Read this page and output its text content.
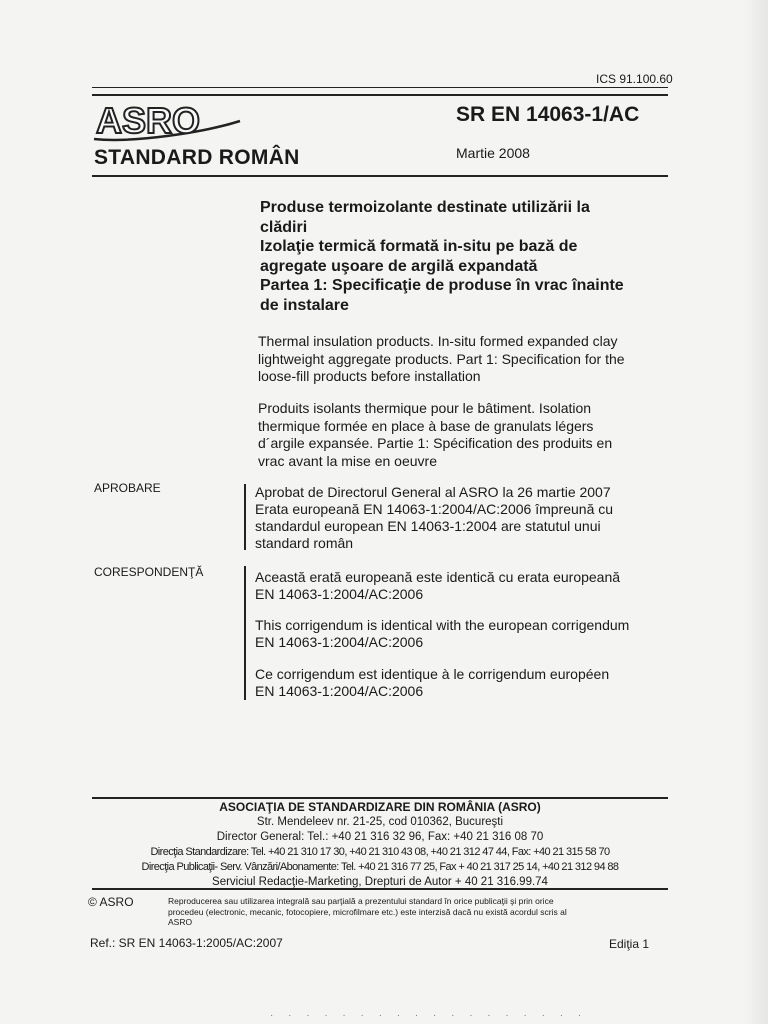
ICS 91.100.60
ASRO
STANDARD ROMÂN
SR EN 14063-1/AC
Martie 2008
Produse termoizolante destinate utilizării la
clădiri
Izolaţie termică formată in-situ pe bază de
agregate uşoare de argilă expandată
Partea 1: Specificaţie de produse în vrac înainte
de instalare
Thermal insulation products. In-situ formed expanded clay
lightweight aggregate products. Part 1: Specification for the
loose-fill products before installation
Produits isolants thermique pour le bâtiment. Isolation
thermique formée en place à base de granulats légers
d´argile expansée. Partie 1: Spécification des produits en
vrac avant la mise en oeuvre
APROBARE	Aprobat de Directorul General al ASRO la 26 martie 2007

Erata europeană EN 14063-1:2004/AC:2006 împreună cu

standardul european EN 14063-1:2004 are statutul unui

standard român

CORESPONDENŢĂ	Această erată europeană este identică cu erata europeană

EN 14063-1:2004/AC:2006

This corrigendum is identical with the european corrigendum

EN 14063-1:2004/AC:2006

Ce corrigendum est identique à le corrigendum européen

EN 14063-1:2004/AC:2006

ASOCIAŢIA DE STANDARDIZARE DIN ROMÂNIA (ASRO)
Str. Mendeleev nr. 21-25, cod 010362, Bucureşti
Director General: Tel.: +40 21 316 32 96, Fax: +40 21 316 08 70
Direcţia Standardizare: Tel. +40 21 310 17 30, +40 21 310 43 08, +40 21 312 47 44, Fax: +40 21 315 58 70
Direcţia Publicaţii- Serv. Vânzări/Abonamente: Tel. +40 21 316 77 25, Fax + 40 21 317 25 14, +40 21 312 94 88
Serviciul Redacţie-Marketing, Drepturi de Autor + 40 21 316.99.74
© ASRO	Reproducerea sau utilizarea integrală sau parţială a prezentului standard în orice publicaţii şi prin orice
procedeu (electronic, mecanic, fotocopiere, microfilmare etc.) este interzisă dacă nu există acordul scris al
ASRO
Ref.: SR EN 14063-1:2005/AC:2007	Ediţia 1
· · · · · · · · · · · · · · · · · ·
